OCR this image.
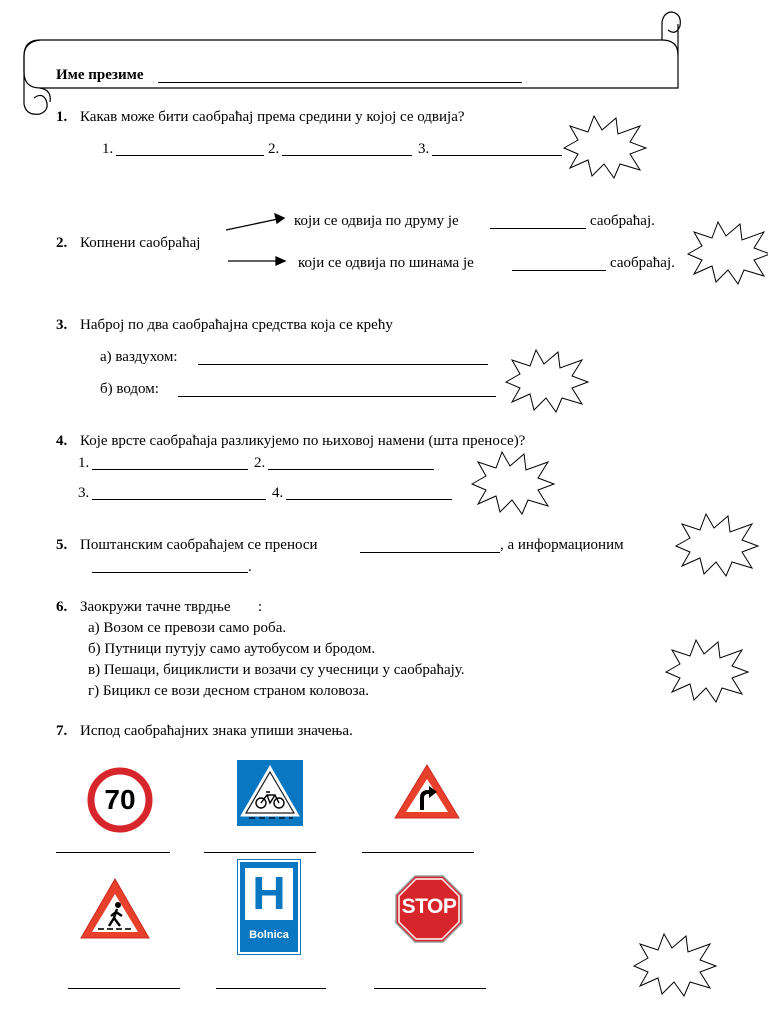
Име презиме
1. Какав може бити саобраћај према средини у којој се одвија?
1.	2.	3.
2. Копнени саобраћај
који се одвија по друму је	саобраћај.
који се одвија по шинама је	саобраћај.
3. Наброј по два саобраћајна средства која се крећу
а) ваздухом:
б) водом:
4. Које врсте саобраћаја разликујемо по њиховој намени (шта преносе)?
1.	2.
3.	4.
5. Поштанским саобраћајем се преноси	, а информационим
.
6. Заокружи тачне тврдње :
а) Возом се превози само роба.
б) Путници путују само аутобусом и бродом.
в) Пешаци, бициклисти и возачи су учесници у саобраћају.
г) Бицикл се вози десном страном коловоза.
7. Испод саобраћајних знака упиши значења.
70
H
Bolnica
STOP
